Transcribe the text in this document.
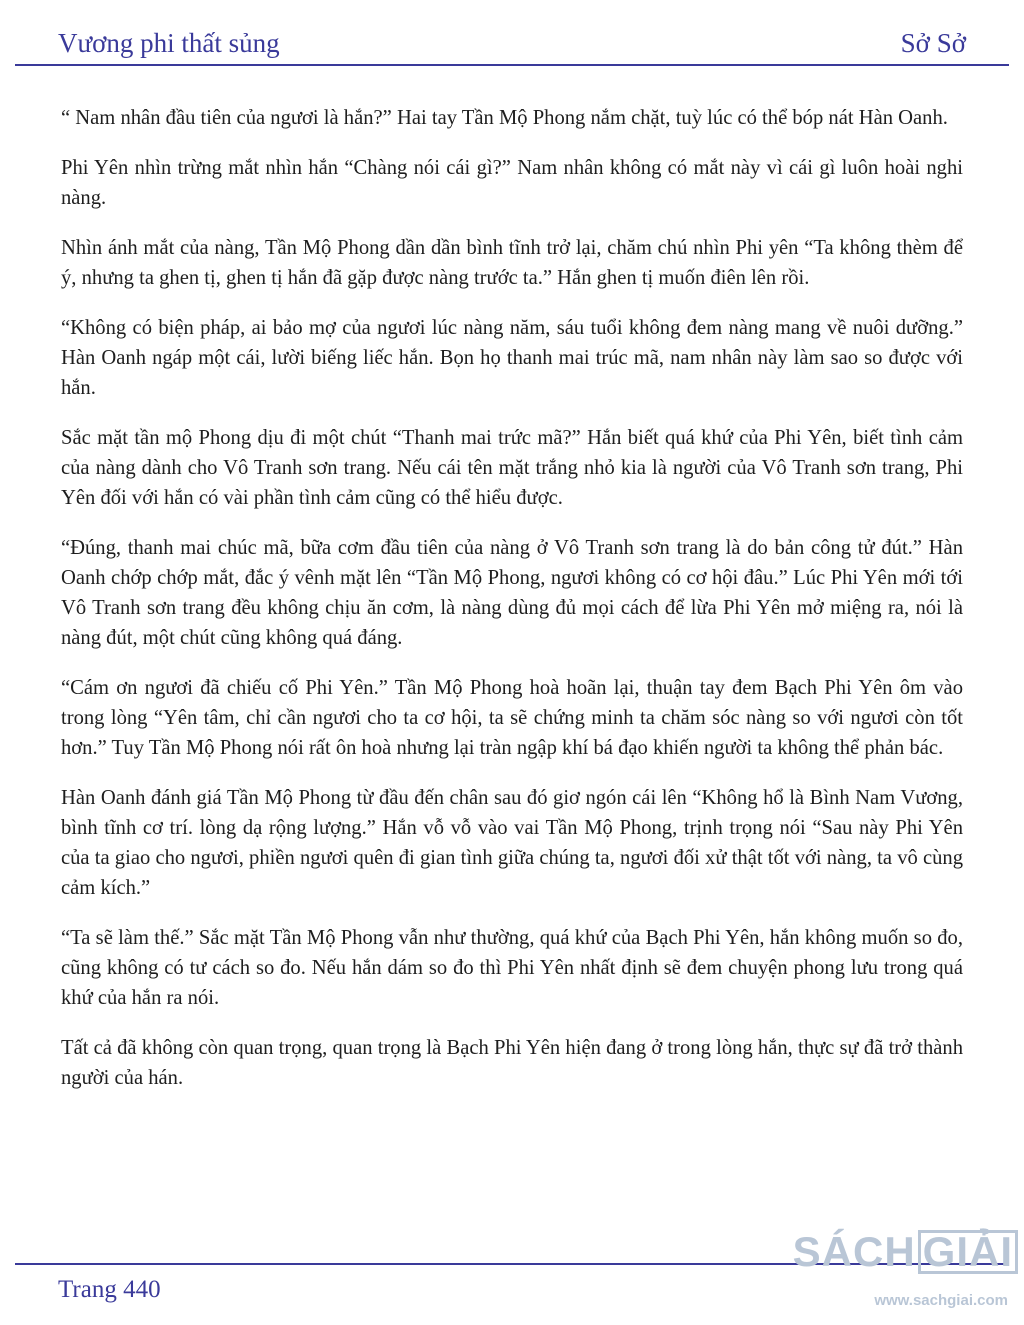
Vương phi thất sủng	Sở Sở

“ Nam nhân đầu tiên của ngươi là hắn?” Hai tay Tần Mộ Phong nắm chặt, tuỳ lúc có thể bóp nát Hàn Oanh.

Phi Yên nhìn trừng mắt nhìn hắn “Chàng nói cái gì?” Nam nhân không có mắt này vì cái gì luôn hoài nghi nàng.

Nhìn ánh mắt của nàng, Tần Mộ Phong dần dần bình tĩnh trở lại, chăm chú nhìn Phi yên “Ta không thèm để ý, nhưng ta ghen tị, ghen tị hắn đã gặp được nàng trước ta.” Hắn ghen tị muốn điên lên rồi.

“Không có biện pháp, ai bảo mợ của ngươi lúc nàng năm, sáu tuổi không đem nàng mang về nuôi dưỡng.” Hàn Oanh ngáp một cái, lười biếng liếc hắn. Bọn họ thanh mai trúc mã, nam nhân này làm sao so được với hắn.

Sắc mặt tần mộ Phong dịu đi một chút “Thanh mai trức mã?” Hắn biết quá khứ của Phi Yên, biết tình cảm của nàng dành cho Vô Tranh sơn trang. Nếu cái tên mặt trắng nhỏ kia là người của Vô Tranh sơn trang, Phi Yên đối với hắn có vài phần tình cảm cũng có thể hiểu được.

“Đúng, thanh mai chúc mã, bữa cơm đầu tiên của nàng ở Vô Tranh sơn trang là do bản công tử đút.” Hàn Oanh chớp chớp mắt, đắc ý vênh mặt lên “Tần Mộ Phong, ngươi không có cơ hội đâu.” Lúc Phi Yên mới tới Vô Tranh sơn trang đều không chịu ăn cơm, là nàng dùng đủ mọi cách để lừa Phi Yên mở miệng ra, nói là nàng đút, một chút cũng không quá đáng.

“Cám ơn ngươi đã chiếu cố Phi Yên.” Tần Mộ Phong hoà hoãn lại, thuận tay đem Bạch Phi Yên ôm vào trong lòng “Yên tâm, chỉ cần ngươi cho ta cơ hội, ta sẽ chứng minh ta chăm sóc nàng so với ngươi còn tốt hơn.” Tuy Tần Mộ Phong nói rất ôn hoà nhưng lại tràn ngập khí bá đạo khiến người ta không thể phản bác.

Hàn Oanh đánh giá Tần Mộ Phong từ đầu đến chân sau đó giơ ngón cái lên “Không hổ là Bình Nam Vương, bình tĩnh cơ trí. lòng dạ rộng lượng.” Hắn vỗ vỗ vào vai Tần Mộ Phong, trịnh trọng nói “Sau này Phi Yên của ta giao cho ngươi, phiền ngươi quên đi gian tình giữa chúng ta, ngươi đối xử thật tốt với nàng, ta vô cùng cảm kích.”

“Ta sẽ làm thế.” Sắc mặt Tần Mộ Phong vẫn như thường, quá khứ của Bạch Phi Yên, hắn không muốn so đo, cũng không có tư cách so đo. Nếu hắn dám so đo thì Phi Yên nhất định sẽ đem chuyện phong lưu trong quá khứ của hắn ra nói.

Tất cả đã không còn quan trọng, quan trọng là Bạch Phi Yên hiện đang ở trong lòng hắn, thực sự đã trở thành người của hán.

Trang 440
SÁCH GIẢI
www.sachgiai.com
